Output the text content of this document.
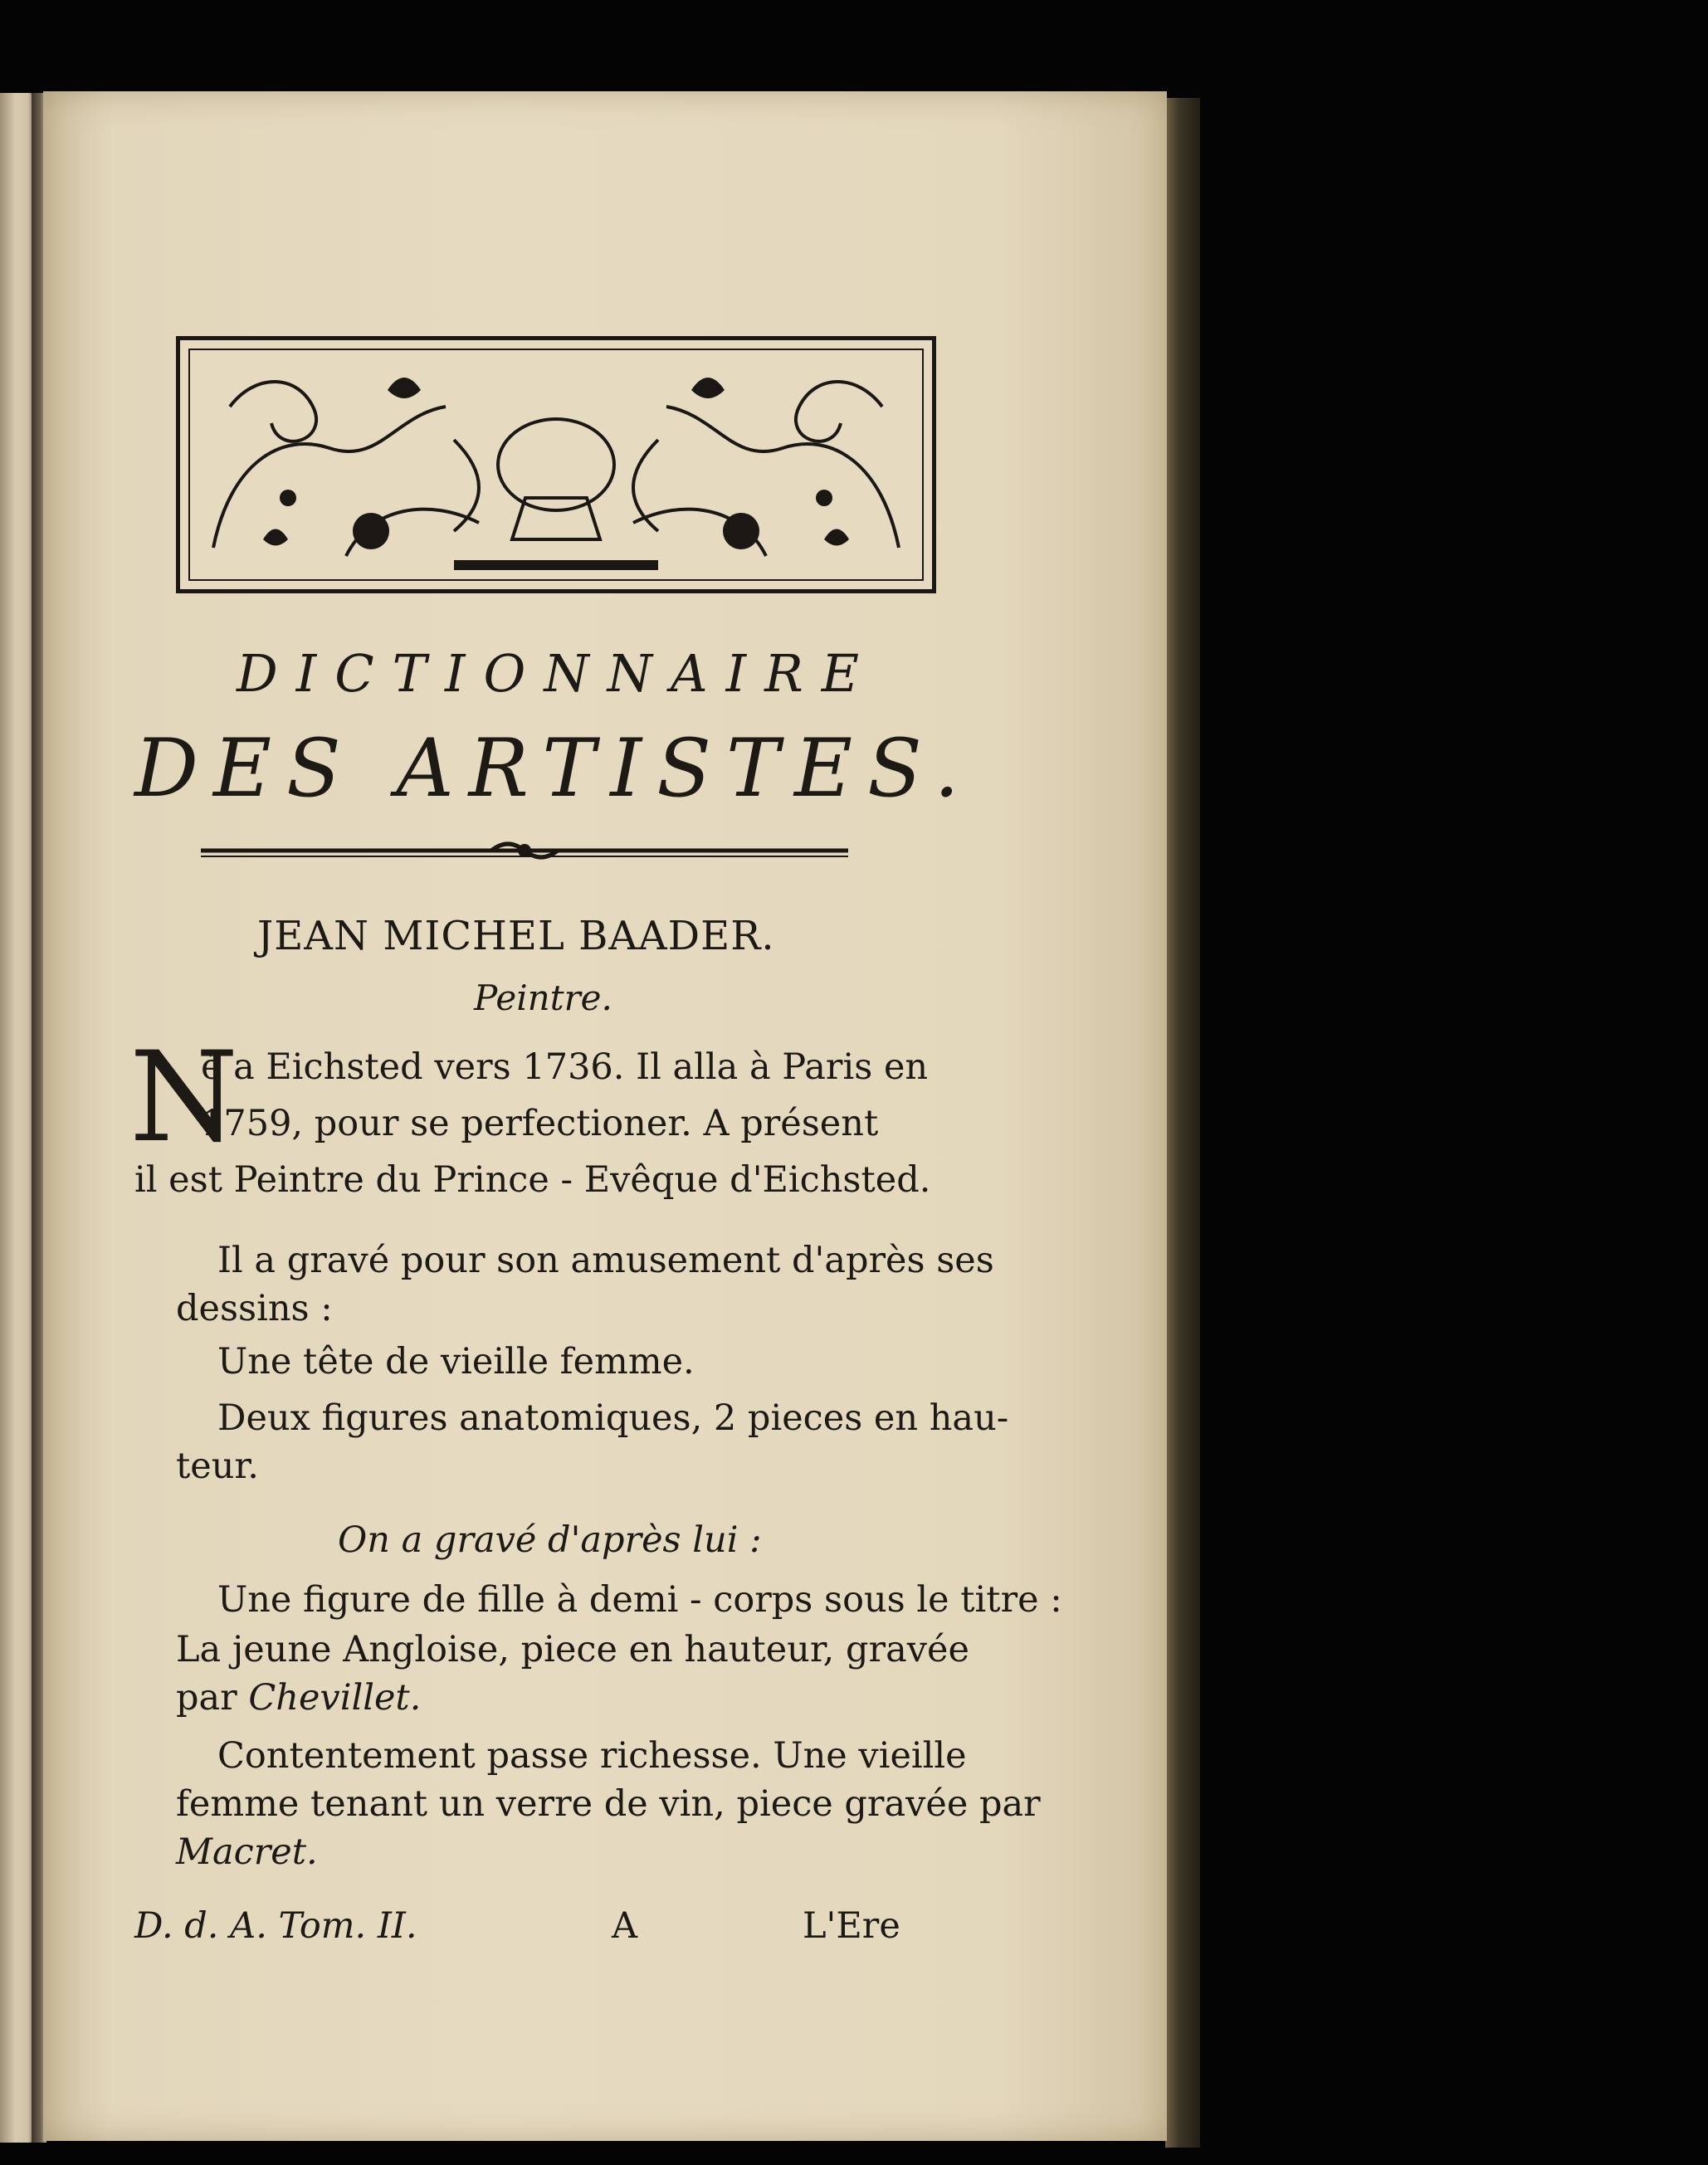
DICTIONNAIRE
DES ARTISTES.
JEAN MICHEL BAADER.
Peintre.
N
é a Eichsted vers 1736. Il alla à Paris en
1759, pour se perfectioner. A présent
il est Peintre du Prince - Evêque d'Eichsted.
Il a gravé pour son amusement d'après ses
dessins :
Une tête de vieille femme.
Deux figures anatomiques, 2 pieces en hau-
teur.
On a gravé d'après lui :
Une figure de fille à demi - corps sous le titre :
La jeune Angloise, piece en hauteur, gravée
par Chevillet.
Contentement passe richesse. Une vieille
femme tenant un verre de vin, piece gravée par
Macret.
D. d. A. Tom. II.	A	L'Ere
